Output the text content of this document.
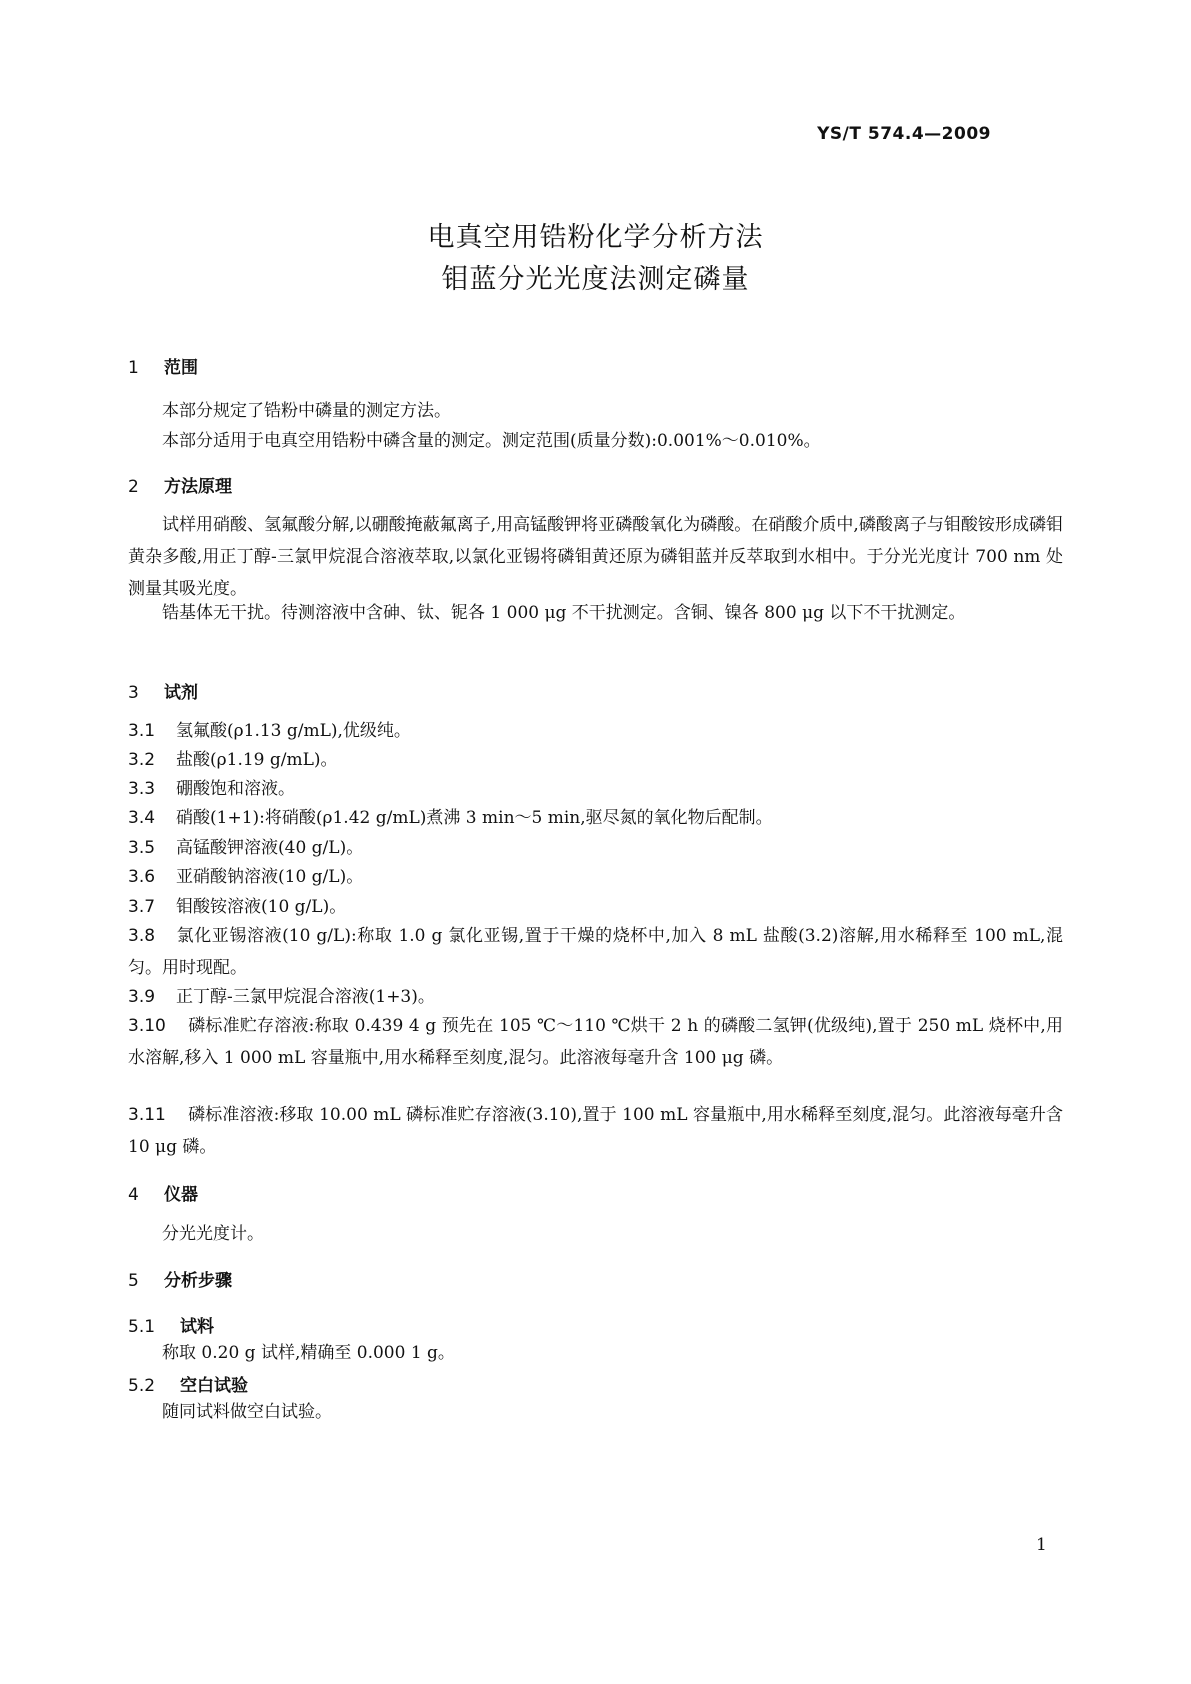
YS/T 574.4—2009
电真空用锆粉化学分析方法
钼蓝分光光度法测定磷量
1 范围
本部分规定了锆粉中磷量的测定方法。
本部分适用于电真空用锆粉中磷含量的测定。测定范围(质量分数):0.001%～0.010%。
2 方法原理
试样用硝酸、氢氟酸分解,以硼酸掩蔽氟离子,用高锰酸钾将亚磷酸氧化为磷酸。在硝酸介质中,磷酸离子与钼酸铵形成磷钼黄杂多酸,用正丁醇-三氯甲烷混合溶液萃取,以氯化亚锡将磷钼黄还原为磷钼蓝并反萃取到水相中。于分光光度计 700 nm 处测量其吸光度。
锆基体无干扰。待测溶液中含砷、钛、铌各 1 000 μg 不干扰测定。含铜、镍各 800 μg 以下不干扰测定。
3 试剂
3.1 氢氟酸(ρ1.13 g/mL),优级纯。
3.2 盐酸(ρ1.19 g/mL)。
3.3 硼酸饱和溶液。
3.4 硝酸(1+1):将硝酸(ρ1.42 g/mL)煮沸 3 min～5 min,驱尽氮的氧化物后配制。
3.5 高锰酸钾溶液(40 g/L)。
3.6 亚硝酸钠溶液(10 g/L)。
3.7 钼酸铵溶液(10 g/L)。
3.8 氯化亚锡溶液(10 g/L):称取 1.0 g 氯化亚锡,置于干燥的烧杯中,加入 8 mL 盐酸(3.2)溶解,用水稀释至 100 mL,混匀。用时现配。
3.9 正丁醇-三氯甲烷混合溶液(1+3)。
3.10 磷标准贮存溶液:称取 0.439 4 g 预先在 105 ℃～110 ℃烘干 2 h 的磷酸二氢钾(优级纯),置于 250 mL 烧杯中,用水溶解,移入 1 000 mL 容量瓶中,用水稀释至刻度,混匀。此溶液每毫升含 100 μg 磷。
3.11 磷标准溶液:移取 10.00 mL 磷标准贮存溶液(3.10),置于 100 mL 容量瓶中,用水稀释至刻度,混匀。此溶液每毫升含 10 μg 磷。
4 仪器
分光光度计。
5 分析步骤
5.1 试料
称取 0.20 g 试样,精确至 0.000 1 g。
5.2 空白试验
随同试料做空白试验。
1
